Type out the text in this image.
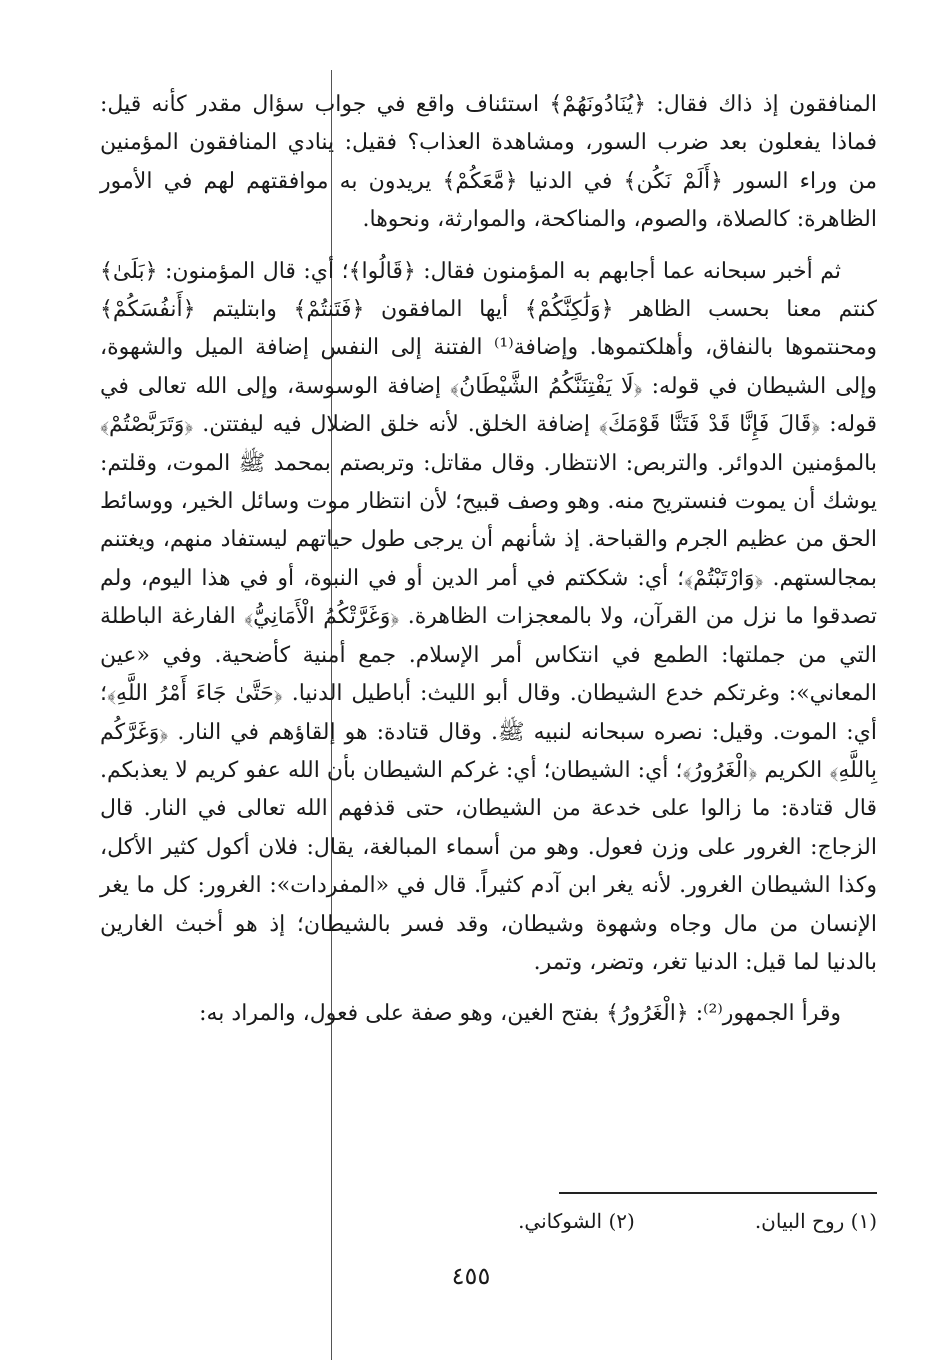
المنافقون إذ ذاك فقال: ﴿يُنَادُونَهُمْ﴾ استئناف واقع في جواب سؤال مقدر كأنه قيل: فماذا يفعلون بعد ضرب السور، ومشاهدة العذاب؟ فقيل: ينادي المنافقون المؤمنين من وراء السور ﴿أَلَمْ نَكُن﴾ في الدنيا ﴿مَّعَكُمْ﴾ يريدون به موافقتهم لهم في الأمور الظاهرة: كالصلاة، والصوم، والمناكحة، والموارثة، ونحوها.

ثم أخبر سبحانه عما أجابهم به المؤمنون فقال: ﴿قَالُوا﴾؛ أي: قال المؤمنون: ﴿بَلَىٰ﴾ كنتم معنا بحسب الظاهر ﴿وَلَٰكِنَّكُمْ﴾ أيها المافقون ﴿فَتَنتُمْ﴾ وابتليتم ﴿أَنفُسَكُمْ﴾ ومحنتموها بالنفاق، وأهلكتموها. وإضافة⁽¹⁾ الفتنة إلى النفس إضافة الميل والشهوة، وإلى الشيطان في قوله: ﴿لَا يَفْتِنَنَّكُمُ الشَّيْطَانُ﴾ إضافة الوسوسة، وإلى الله تعالى في قوله: ﴿قَالَ فَإِنَّا قَدْ فَتَنَّا قَوْمَكَ﴾ إضافة الخلق. لأنه خلق الضلال فيه ليفتتن. ﴿وَتَرَبَّصْتُمْ﴾ بالمؤمنين الدوائر. والتربص: الانتظار. وقال مقاتل: وتربصتم بمحمد ﷺ الموت، وقلتم: يوشك أن يموت فنستريح منه. وهو وصف قبيح؛ لأن انتظار موت وسائل الخير، ووسائط الحق من عظيم الجرم والقباحة. إذ شأنهم أن يرجى طول حياتهم ليستفاد منهم، ويغتنم بمجالستهم. ﴿وَارْتَبْتُمْ﴾؛ أي: شككتم في أمر الدين أو في النبوة، أو في هذا اليوم، ولم تصدقوا ما نزل من القرآن، ولا بالمعجزات الظاهرة. ﴿وَغَرَّتْكُمُ الْأَمَانِيُّ﴾ الفارغة الباطلة التي من جملتها: الطمع في انتكاس أمر الإسلام. جمع أمنية كأضحية. وفي «عين المعاني»: وغرتكم خدع الشيطان. وقال أبو الليث: أباطيل الدنيا. ﴿حَتَّىٰ جَاءَ أَمْرُ اللَّهِ﴾؛ أي: الموت. وقيل: نصره سبحانه لنبيه ﷺ. وقال قتادة: هو إلقاؤهم في النار. ﴿وَغَرَّكُم بِاللَّهِ﴾ الكريم ﴿الْغَرُورُ﴾؛ أي: الشيطان؛ أي: غركم الشيطان بأن الله عفو كريم لا يعذبكم. قال قتادة: ما زالوا على خدعة من الشيطان، حتى قذفهم الله تعالى في النار. قال الزجاج: الغرور على وزن فعول. وهو من أسماء المبالغة، يقال: فلان أكول كثير الأكل، وكذا الشيطان الغرور. لأنه يغر ابن آدم كثيراً. قال في «المفردات»: الغرور: كل ما يغر الإنسان من مال وجاه وشهوة وشيطان، وقد فسر بالشيطان؛ إذ هو أخبث الغارين بالدنيا لما قيل: الدنيا تغر، وتضر، وتمر.

وقرأ الجمهور⁽²⁾: ﴿الْغَرُورُ﴾ بفتح الغين، وهو صفة على فعول، والمراد به:

(١) روح البيان.
(٢) الشوكاني.
٤٥٥
